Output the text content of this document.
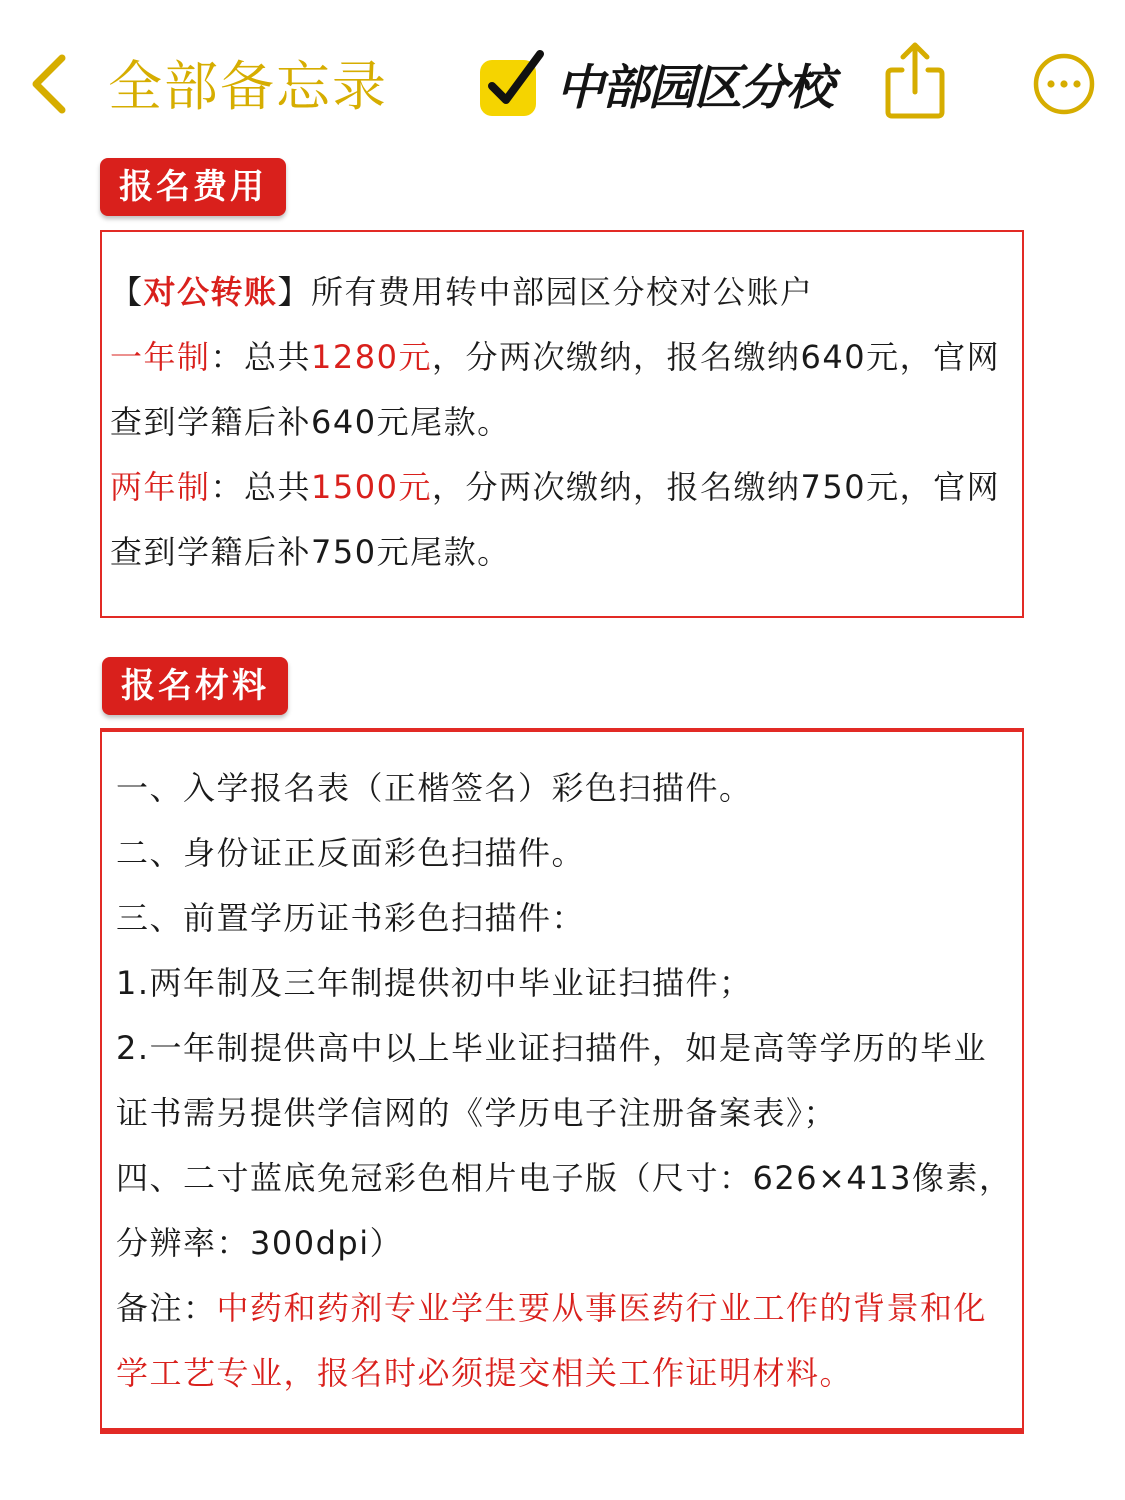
全部备忘录	中部园区分校
报名费用
【对公转账】所有费用转中部园区分校对公账户
一年制：总共1280元，分两次缴纳，报名缴纳640元，官网
查到学籍后补640元尾款。
两年制：总共1500元，分两次缴纳，报名缴纳750元，官网
查到学籍后补750元尾款。
报名材料
一、入学报名表（正楷签名）彩色扫描件。
二、身份证正反面彩色扫描件。
三、前置学历证书彩色扫描件：
1.两年制及三年制提供初中毕业证扫描件；
2.一年制提供高中以上毕业证扫描件，如是高等学历的毕业
证书需另提供学信网的《学历电子注册备案表》；
四、二寸蓝底免冠彩色相片电子版（尺寸：626×413像素，
分辨率：300dpi）
备注：中药和药剂专业学生要从事医药行业工作的背景和化
学工艺专业，报名时必须提交相关工作证明材料。
